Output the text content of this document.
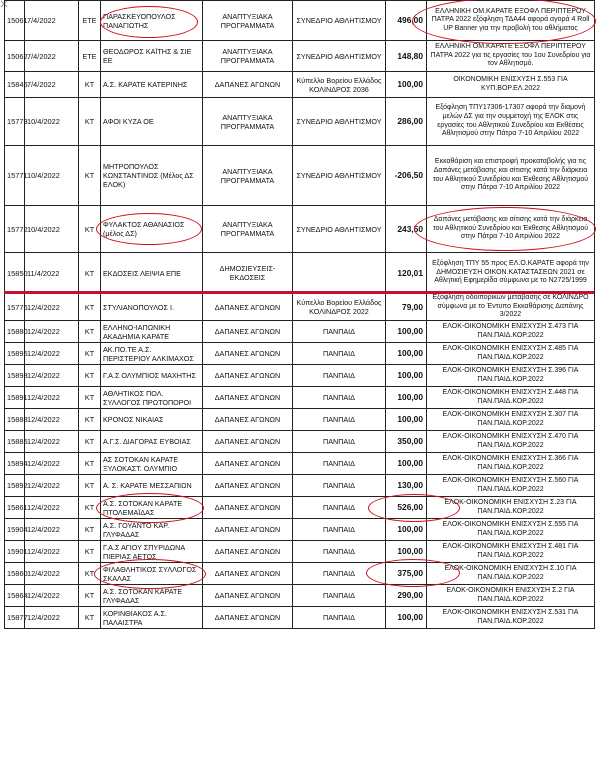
15061	7/4/2022	ΕΤΕ	ΠΑΡΑΣΚΕΥΟΠΟΥΛΟΣ ΠΑΝΑΓΙΩΤΗΣ	ΑΝΑΠΤΥΞΙΑΚΑ ΠΡΟΓΡΑΜΜΑΤΑ	ΣΥΝΕΔΡΙΟ ΑΘΛΗΤΙΣΜΟΥ	496,00	ΕΛΛΗΝΙΚΗ ΟΜ.ΚΑΡΑΤΕ ΕΞΟΦΛ ΠΕΡΙΠΤΕΡΟΥ ΠΑΤΡΑ 2022 εξόφληση ΤΔΑ44 αφορά αγορά 4 Roll UP Banner για την προβολή του αθλήματος
15062	7/4/2022	ΕΤΕ	ΘΕΟΔΩΡΟΣ ΚΑΪΤΗΣ & ΣΙΕ ΕΕ	ΑΝΑΠΤΥΞΙΑΚΑ ΠΡΟΓΡΑΜΜΑΤΑ	ΣΥΝΕΔΡΙΟ ΑΘΛΗΤΙΣΜΟΥ	148,80	ΕΛΛΗΝΙΚΗ ΟΜ.ΚΑΡΑΤΕ ΕΞΟΦΛ ΠΕΡΙΠΤΕΡΟΥ ΠΑΤΡΑ 2022 για τις εργασίες του 1ου Συνεδρίου για τον Αθλητισμό.
15846	7/4/2022	ΚΤ	Α.Σ. ΚΑΡΑΤΕ ΚΑΤΕΡΙΝΗΣ	ΔΑΠΑΝΕΣ ΑΓΩΝΩΝ	Κύπελλο Βορείου Ελλάδος ΚΟΛΙΝΔΡΟΣ 2036	100,00	ΟΙΚΟΝΟΜΙΚΗ ΕΝΙΣΧΥΣΗ Σ.553 ΓΙΑ ΚΥΠ.ΒΟΡ.ΕΛ.2022
15773	10/4/2022	ΚΤ	ΑΦΟΙ ΚΥΖΑ ΟΕ	ΑΝΑΠΤΥΞΙΑΚΑ ΠΡΟΓΡΑΜΜΑΤΑ	ΣΥΝΕΔΡΙΟ ΑΘΛΗΤΙΣΜΟΥ	286,00	Εξόφληση ΤΠΥ17306-17307 αφορά την διαμονή μελών ΔΣ για την συμμετοχή της ΕΛΟΚ στις εργασίες του Αθλητικού Συνεδρίου και Εκθέσεις Αθλητισμού στην Πάτρα 7-10 Απριλίου 2022
15771	10/4/2022	ΚΤ	ΜΗΤΡΟΠΟΥΛΟΣ ΚΩΝΣΤΑΝΤΙΝΟΣ (Μέλος ΔΣ ΕΛΟΚ)	ΑΝΑΠΤΥΞΙΑΚΑ ΠΡΟΓΡΑΜΜΑΤΑ	ΣΥΝΕΔΡΙΟ ΑΘΛΗΤΙΣΜΟΥ	-206,50	Εκκαθάριση και επιστροφή προκαταβολής για τις Δαπάνες μετάβασης και σίτισης κατά την διάρκεια του Αθλητικού Συνεδρίου και Έκθεσης Αθλητισμού στην Πάτρα 7-10 Απριλίου 2022
15772	10/4/2022	ΚΤ	ΦΥΛΑΚΤΟΣ ΑΘΑΝΑΣΙΟΣ (μέλος ΔΣ)	ΑΝΑΠΤΥΞΙΑΚΑ ΠΡΟΓΡΑΜΜΑΤΑ	ΣΥΝΕΔΡΙΟ ΑΘΛΗΤΙΣΜΟΥ	243,50	Δαπάνες μετάβασης και σίτισης κατά την διάρκεια του Αθλητικού Συνεδρίου και Έκθεσης Αθλητισμού στην Πάτρα 7-10 Απριλίου 2022
15850	11/4/2022	ΚΤ	ΕΚΔΟΣΕΙΣ ΛΕΙΨΙΑ ΕΠΕ	ΔΗΜΟΣΙΕΥΣΕΙΣ-ΕΚΔΟΣΕΙΣ		120,01	Εξόφληση ΤΠΥ 55 προς ΕΛ.Ο.ΚΑΡΑΤΕ αφορά την ΔΗΜΟΣΙΕΥΣΗ ΟΙΚΟΝ.ΚΑΤΑΣΤΑΣΕΩΝ 2021 σε Αθλητική Εφημερίδα σύμφωνα με το Ν2725/1999
15776	12/4/2022	ΚΤ	ΣΤΥΛΙΑΝΟΠΟΥΛΟΣ Ι.	ΔΑΠΑΝΕΣ ΑΓΩΝΩΝ	Κύπελλο Βορείου Ελλάδος ΚΟΛΙΝΔΡΟΣ 2022	79,00	Εξόφληση οδοιπορικών μετάβασης σε ΚΟΛΙΝΔΡΟ σύμφωνα με το Έντυπο Εκκαθάρισης Δαπάνης 3/2022
15880	12/4/2022	ΚΤ	ΕΛΛΗΝΟ-ΙΑΠΩΝΙΚΗ ΑΚΑΔΗΜΙΑ ΚΑΡΑΤΕ	ΔΑΠΑΝΕΣ ΑΓΩΝΩΝ	ΠΑΝΠΑΙΔ	100,00	ΕΛΟΚ-ΟΙΚΟΝΟΜΙΚΗ ΕΝΙΣΧΥΣΗ Σ.473 ΓΙΑ ΠΑΝ.ΠΑΙΔ.ΚΟΡ.2022
15895	12/4/2022	ΚΤ	ΑΚ.ΠΟ.ΤΕ Α.Σ. ΠΕΡΙΣΤΕΡΙΟΥ ΑΛΚΙΜΑΧΟΣ	ΔΑΠΑΝΕΣ ΑΓΩΝΩΝ	ΠΑΝΠΑΙΔ	100,00	ΕΛΟΚ-ΟΙΚΟΝΟΜΙΚΗ ΕΝΙΣΧΥΣΗ Σ.485 ΓΙΑ ΠΑΝ.ΠΑΙΔ.ΚΟΡ.2022
15898	12/4/2022	ΚΤ	Γ.Α.Σ ΟΛΥΜΠΙΟΣ ΜΑΧΗΤΗΣ	ΔΑΠΑΝΕΣ ΑΓΩΝΩΝ	ΠΑΝΠΑΙΔ	100,00	ΕΛΟΚ-ΟΙΚΟΝΟΜΙΚΗ ΕΝΙΣΧΥΣΗ Σ.396 ΓΙΑ ΠΑΝ.ΠΑΙΔ.ΚΟΡ.2022
15891	12/4/2022	ΚΤ	ΑΘΛΗΤΙΚΟΣ ΠΟΛ. ΣΥΛΛΟΓΟΣ ΠΡΩΤΟΠΟΡΟΙ	ΔΑΠΑΝΕΣ ΑΓΩΝΩΝ	ΠΑΝΠΑΙΔ	100,00	ΕΛΟΚ-ΟΙΚΟΝΟΜΙΚΗ ΕΝΙΣΧΥΣΗ Σ.448 ΓΙΑ ΠΑΝ.ΠΑΙΔ.ΚΟΡ.2022
15888	12/4/2022	ΚΤ	ΚΡΟΝΟΣ ΝΙΚΑΙΑΣ	ΔΑΠΑΝΕΣ ΑΓΩΝΩΝ	ΠΑΝΠΑΙΔ	100,00	ΕΛΟΚ-ΟΙΚΟΝΟΜΙΚΗ ΕΝΙΣΧΥΣΗ Σ.307 ΓΙΑ ΠΑΝ.ΠΑΙΔ.ΚΟΡ.2022
15885	12/4/2022	ΚΤ	Α.Γ.Σ. ΔΙΑΓΟΡΑΣ ΕΥΒΟΙΑΣ	ΔΑΠΑΝΕΣ ΑΓΩΝΩΝ	ΠΑΝΠΑΙΔ	350,00	ΕΛΟΚ-ΟΙΚΟΝΟΜΙΚΗ ΕΝΙΣΧΥΣΗ Σ.470 ΓΙΑ ΠΑΝ.ΠΑΙΔ.ΚΟΡ.2022
15894	12/4/2022	ΚΤ	ΑΣ ΣΟΤΟΚΑΝ ΚΑΡΑΤΕ ΞΥΛΟΚΑΣΤ. ΟΛΥΜΠΙΟ	ΔΑΠΑΝΕΣ ΑΓΩΝΩΝ	ΠΑΝΠΑΙΔ	100,00	ΕΛΟΚ-ΟΙΚΟΝΟΜΙΚΗ ΕΝΙΣΧΥΣΗ Σ.366 ΓΙΑ ΠΑΝ.ΠΑΙΔ.ΚΟΡ.2022
15892	12/4/2022	ΚΤ	Α. Σ. ΚΑΡΑΤΕ ΜΕΣΣΑΠΙΩΝ	ΔΑΠΑΝΕΣ ΑΓΩΝΩΝ	ΠΑΝΠΑΙΔ	130,00	ΕΛΟΚ-ΟΙΚΟΝΟΜΙΚΗ ΕΝΙΣΧΥΣΗ Σ.560 ΓΙΑ ΠΑΝ.ΠΑΙΔ.ΚΟΡ.2022
15861	12/4/2022	ΚΤ	Α.Σ. ΣΟΤΟΚΑΝ ΚΑΡΑΤΕ ΠΤΟΛΕΜΑΪΔΑΣ	ΔΑΠΑΝΕΣ ΑΓΩΝΩΝ	ΠΑΝΠΑΙΔ	526,00	ΕΛΟΚ-ΟΙΚΟΝΟΜΙΚΗ ΕΝΙΣΧΥΣΗ Σ.23 ΓΙΑ ΠΑΝ.ΠΑΙΔ.ΚΟΡ.2022
15904	12/4/2022	ΚΤ	Α.Σ. ΓΟΥΑΝΤΟ ΚΑΡ. ΓΛΥΦΑΔΑΣ	ΔΑΠΑΝΕΣ ΑΓΩΝΩΝ	ΠΑΝΠΑΙΔ	100,00	ΕΛΟΚ-ΟΙΚΟΝΟΜΙΚΗ ΕΝΙΣΧΥΣΗ Σ.555 ΓΙΑ ΠΑΝ.ΠΑΙΔ.ΚΟΡ.2022
15901	12/4/2022	ΚΤ	Γ.Α.Σ ΑΓΙΟΥ ΣΠΥΡΙΔΩΝΑ ΠΙΕΡΙΑΣ ΑΕΤΟΣ	ΔΑΠΑΝΕΣ ΑΓΩΝΩΝ	ΠΑΝΠΑΙΔ	100,00	ΕΛΟΚ-ΟΙΚΟΝΟΜΙΚΗ ΕΝΙΣΧΥΣΗ Σ.481 ΓΙΑ ΠΑΝ.ΠΑΙΔ.ΚΟΡ.2022
15860	12/4/2022	ΚΤ	ΦΙΛΑΘΛΗΤΙΚΟΣ ΣΥΛΛΟΓΟΣ ΣΚΑΛΑΣ	ΔΑΠΑΝΕΣ ΑΓΩΝΩΝ	ΠΑΝΠΑΙΔ	375,00	ΕΛΟΚ-ΟΙΚΟΝΟΜΙΚΗ ΕΝΙΣΧΥΣΗ Σ.10 ΓΙΑ ΠΑΝ.ΠΑΙΔ.ΚΟΡ.2022
15864	12/4/2022	ΚΤ	Α.Σ. ΣΟΤΟΚΑΝ ΚΑΡΑΤΕ ΓΛΥΦΑΔΑΣ	ΔΑΠΑΝΕΣ ΑΓΩΝΩΝ	ΠΑΝΠΑΙΔ	290,00	ΕΛΟΚ-ΟΙΚΟΝΟΜΙΚΗ ΕΝΙΣΧΥΣΗ Σ.2 ΓΙΑ ΠΑΝ.ΠΑΙΔ.ΚΟΡ.2022
15877	12/4/2022	ΚΤ	ΚΟΡΙΝΘΙΑΚΟΣ Α.Σ. ΠΑΛΑΙΣΤΡΑ	ΔΑΠΑΝΕΣ ΑΓΩΝΩΝ	ΠΑΝΠΑΙΔ	100,00	ΕΛΟΚ-ΟΙΚΟΝΟΜΙΚΗ ΕΝΙΣΧΥΣΗ Σ.531 ΓΙΑ ΠΑΝ.ΠΑΙΔ.ΚΟΡ.2022
